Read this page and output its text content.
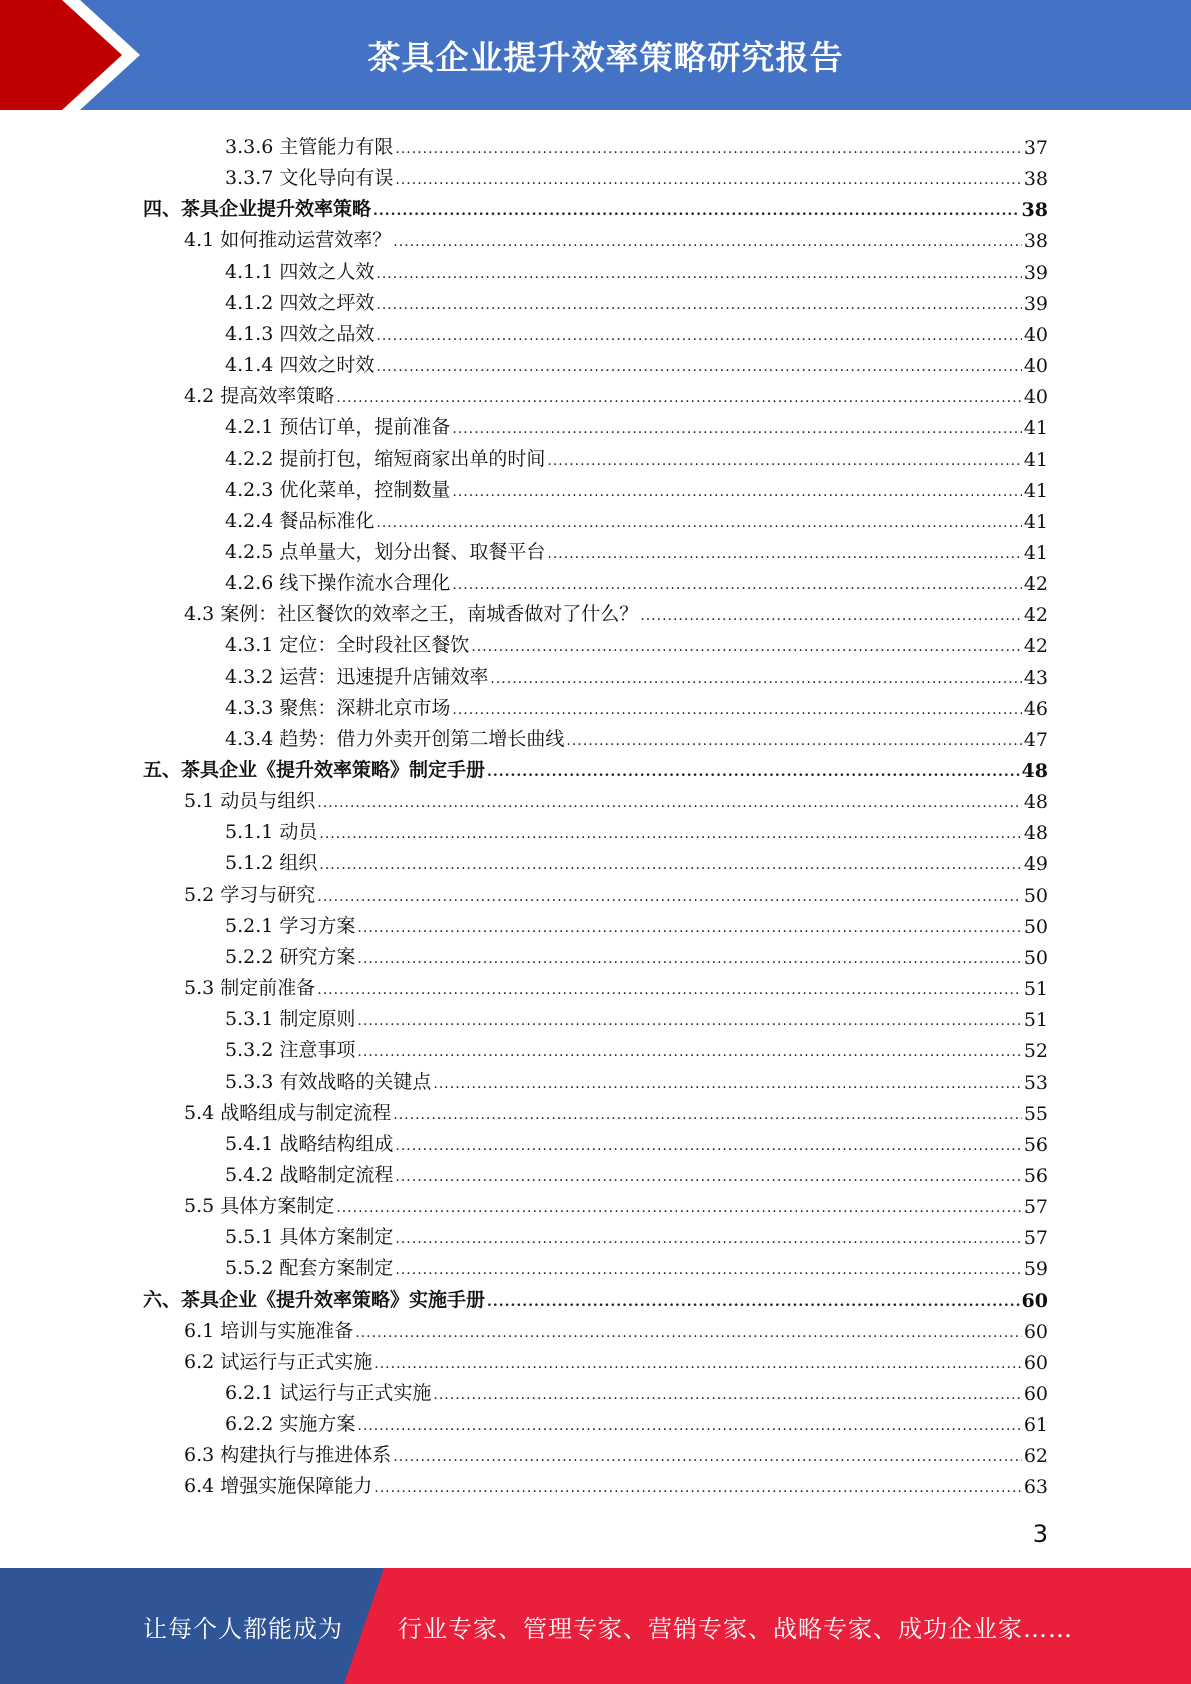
茶具企业提升效率策略研究报告
3.3.6 主管能力有限 .....	37
3.3.7 文化导向有误 .....	38
四、茶具企业提升效率策略 .....	38
4.1 如何推动运营效率？ .....	38
4.1.1 四效之人效 .....	39
4.1.2 四效之坪效 .....	39
4.1.3 四效之品效 .....	40
4.1.4 四效之时效 .....	40
4.2 提高效率策略 .....	40
4.2.1 预估订单，提前准备 .....	41
4.2.2 提前打包，缩短商家出单的时间 .....	41
4.2.3 优化菜单，控制数量 .....	41
4.2.4 餐品标准化 .....	41
4.2.5 点单量大，划分出餐、取餐平台 .....	41
4.2.6 线下操作流水合理化 .....	42
4.3 案例：社区餐饮的效率之王，南城香做对了什么？ .....	42
4.3.1 定位：全时段社区餐饮 .....	42
4.3.2 运营：迅速提升店铺效率 .....	43
4.3.3 聚焦：深耕北京市场 .....	46
4.3.4 趋势：借力外卖开创第二增长曲线 .....	47
五、茶具企业《提升效率策略》制定手册 .....	48
5.1 动员与组织 .....	48
5.1.1 动员 .....	48
5.1.2 组织 .....	49
5.2 学习与研究 .....	50
5.2.1 学习方案 .....	50
5.2.2 研究方案 .....	50
5.3 制定前准备 .....	51
5.3.1 制定原则 .....	51
5.3.2 注意事项 .....	52
5.3.3 有效战略的关键点 .....	53
5.4 战略组成与制定流程 .....	55
5.4.1 战略结构组成 .....	56
5.4.2 战略制定流程 .....	56
5.5 具体方案制定 .....	57
5.5.1 具体方案制定 .....	57
5.5.2 配套方案制定 .....	59
六、茶具企业《提升效率策略》实施手册 .....	60
6.1 培训与实施准备 .....	60
6.2 试运行与正式实施 .....	60
6.2.1 试运行与正式实施 .....	60
6.2.2 实施方案 .....	61
6.3 构建执行与推进体系 .....	62
6.4 增强实施保障能力 .....	63
3
让每个人都能成为 行业专家、管理专家、营销专家、战略专家、成功企业家……
